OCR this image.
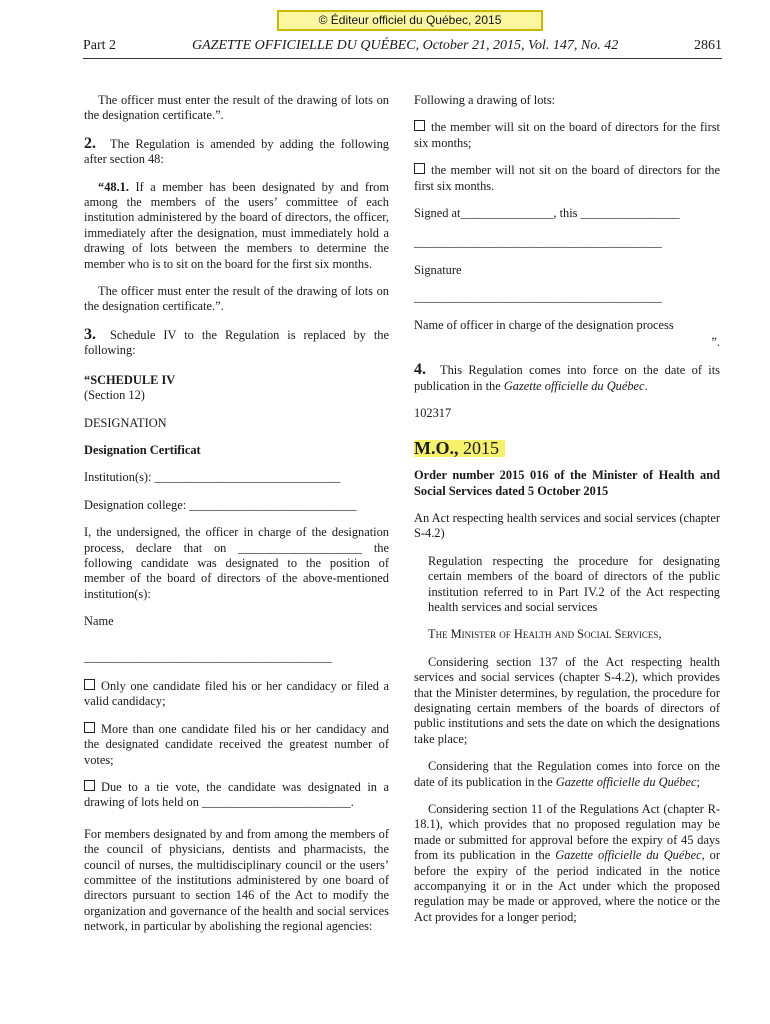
© Éditeur officiel du Québec, 2015
Part 2	GAZETTE OFFICIELLE DU QUÉBEC, October 21, 2015, Vol. 147, No. 42	2861

The officer must enter the result of the drawing of lots on the designation certificate.”.

2. The Regulation is amended by adding the following after section 48:

“48.1. If a member has been designated by and from among the members of the users’ committee of each institution administered by the board of directors, the officer, immediately after the designation, must immediately hold a drawing of lots between the members to determine the member who is to sit on the board for the first six months.

The officer must enter the result of the drawing of lots on the designation certificate.”.

3. Schedule IV to the Regulation is replaced by the following:

“SCHEDULE IV
(Section 12)

DESIGNATION

Designation Certificat

Institution(s): ______________________________

Designation college: ___________________________

I, the undersigned, the officer in charge of the designation process, declare that on ____________________ the following candidate was designated to the position of member of the board of directors of the above-mentioned institution(s):

Name

________________________________________

Only one candidate filed his or her candidacy or filed a valid candidacy;

More than one candidate filed his or her candidacy and the designated candidate received the greatest number of votes;

Due to a tie vote, the candidate was designated in a drawing of lots held on ________________________.

For members designated by and from among the members of the council of physicians, dentists and pharmacists, the council of nurses, the multidisciplinary council or the users’ committee of the institutions administered by one board of directors pursuant to section 146 of the Act to modify the organization and governance of the health and social services network, in particular by abolishing the regional agencies:

Following a drawing of lots:

the member will sit on the board of directors for the first six months;

the member will not sit on the board of directors for the first six months.

Signed at_______________, this ________________

________________________________________

Signature

________________________________________

Name of officer in charge of the designation process

”.

4. This Regulation comes into force on the date of its publication in the Gazette officielle du Québec.

102317

M.O., 2015

Order number 2015 016 of the Minister of Health and Social Services dated 5 October 2015

An Act respecting health services and social services (chapter S-4.2)

Regulation respecting the procedure for designating certain members of the board of directors of the public institution referred to in Part IV.2 of the Act respecting health services and social services

The Minister of Health and Social Services,

Considering section 137 of the Act respecting health services and social services (chapter S-4.2), which provides that the Minister determines, by regulation, the procedure for designating certain members of the boards of directors of public institutions and sets the date on which the designations take place;

Considering that the Regulation comes into force on the date of its publication in the Gazette officielle du Québec;

Considering section 11 of the Regulations Act (chapter R-18.1), which provides that no proposed regulation may be made or submitted for approval before the expiry of 45 days from its publication in the Gazette officielle du Québec, or before the expiry of the period indicated in the notice accompanying it or in the Act under which the proposed regulation may be made or approved, where the notice or the Act provides for a longer period;
